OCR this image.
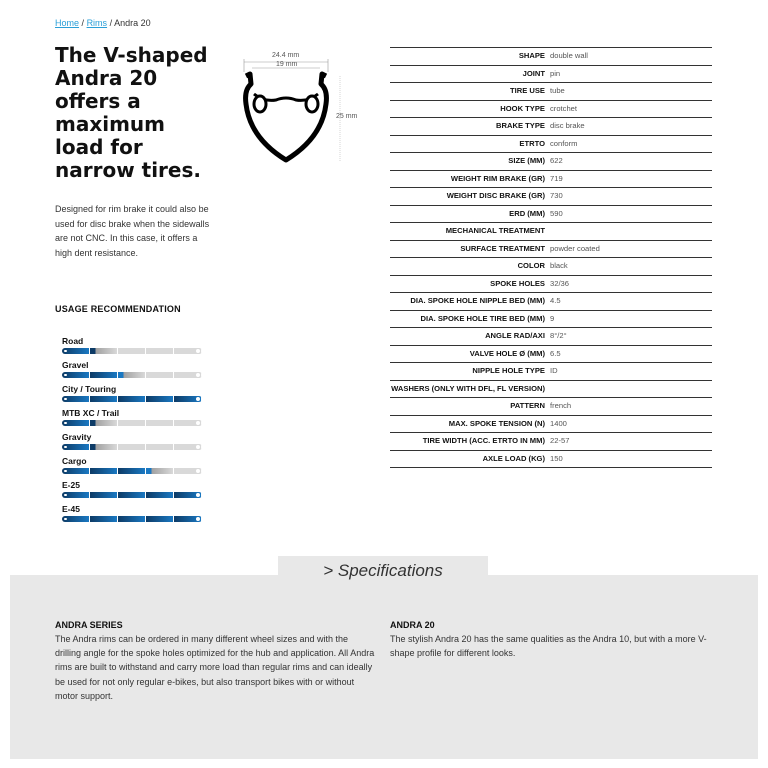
Home / Rims / Andra 20
The V-shaped Andra 20 offers a maximum load for narrow tires.

Designed for rim brake it could also be used for disc brake when the sidewalls are not CNC. In this case, it offers a high dent resistance.

24.4 mm
19 mm
25 mm
USAGE RECOMMENDATION
Road
Gravel
City / Touring
MTB XC / Trail
Gravity
Cargo
E-25
E-45
SHAPE	double wall
JOINT	pin
TIRE USE	tube
HOOK TYPE	crotchet
BRAKE TYPE	disc brake
ETRTO	conform
SIZE (MM)	622
WEIGHT RIM BRAKE (GR)	719
WEIGHT DISC BRAKE (GR)	730
ERD (MM)	590
MECHANICAL TREATMENT	
SURFACE TREATMENT	powder coated
COLOR	black
SPOKE HOLES	32/36
DIA. SPOKE HOLE NIPPLE BED (MM)	4.5
DIA. SPOKE HOLE TIRE BED (MM)	9
ANGLE RAD/AXI	8°/2°
VALVE HOLE Ø (MM)	6.5
NIPPLE HOLE TYPE	ID
WASHERS (ONLY WITH DFL, FL VERSION)	
PATTERN	french
MAX. SPOKE TENSION (N)	1400
TIRE WIDTH (ACC. ETRTO IN MM)	22-57
AXLE LOAD (KG)	150
> Specifications
ANDRA SERIES

The Andra rims can be ordered in many different wheel sizes and with the drilling angle for the spoke holes optimized for the hub and application. All Andra rims are built to withstand and carry more load than regular rims and can ideally be used for not only regular e-bikes, but also transport bikes with or without motor support.

ANDRA 20

The stylish Andra 20 has the same qualities as the Andra 10, but with a more V-shape profile for different looks.
